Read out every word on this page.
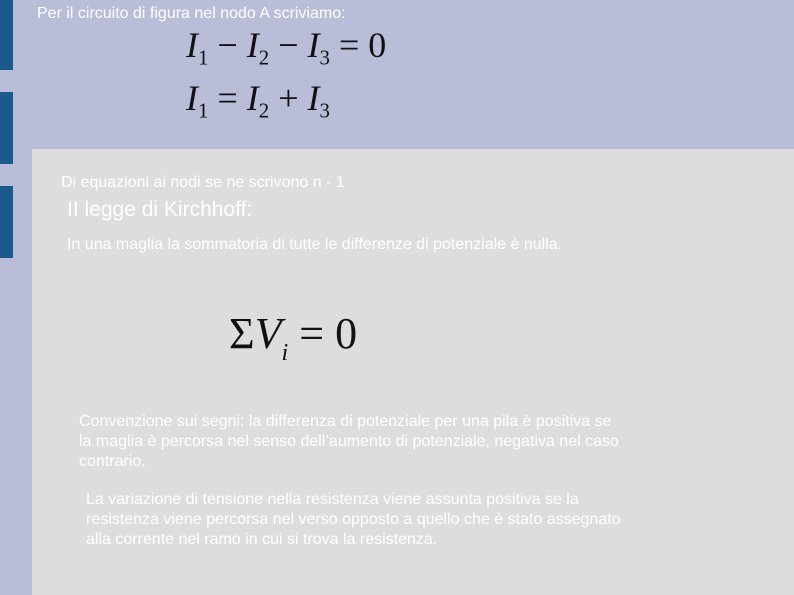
Per il circuito di figura nel nodo A scriviamo:
$I_1 - I_2 - I_3 = 0$
$I_1 = I_2 + I_3$
Di equazioni ai nodi se ne scrivono n - 1
II legge di Kirchhoff:
In una maglia la sommatoria di tutte le differenze di potenziale è nulla.
$\Sigma V_i = 0$
Convenzione sui segni: la differenza di potenziale per una pila è positiva se la maglia è percorsa nel senso dell’aumento di potenziale, negativa nel caso contrario.
La variazione di tensione nella resistenza viene assunta positiva se la resistenza viene percorsa nel verso opposto a quello che è stato assegnato alla corrente nel ramo in cui si trova la resistenza.
